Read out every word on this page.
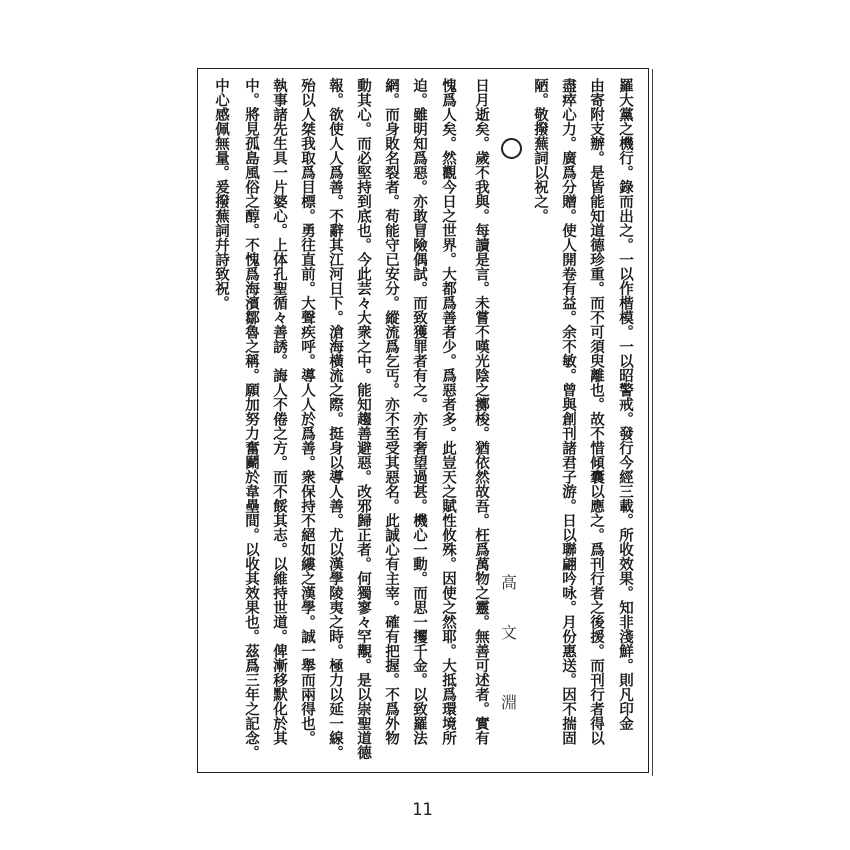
羅大黨之機行。錄而出之。一以作楷模。一以昭警戒。發行今經三載。所收效果。知非淺鮮。則凡印金
由寄附支辦。是皆能知道德珍重。而不可須臾離也。故不惜傾囊以應之。爲刊行者之後援。而刊行者得以
盡瘁心力。廣爲分贈。使人開卷有益。余不敏。曾與創刊諸君子游。日以聯翩吟咏。月份惠送。因不揣固
陋。敬撥蕪詞以祝之。
高
文
淵
日月逝矣。歲不我與。每讀是言。未嘗不嘆光陰之擲梭。猶依然故吾。枉爲萬物之靈。無善可述者。實有
愧爲人矣。然觀今日之世界。大都爲善者少。爲惡者多。此豈天之賦性攸殊。因使之然耶。大抵爲環境所
迫。雖明知爲惡。亦敢冒險偶試。而致獲罪者有之。亦有奢望過甚。機心一動。而思一攫千金。以致羅法
網。而身敗名裂者。苟能守已安分。縱流爲乞丐。亦不至受其惡名。此誠心有主宰。確有把握。不爲外物
動其心。而必堅持到底也。今此芸々大衆之中。能知趨善避惡。改邪歸正者。何獨寥々罕覯。是以崇聖道德
報。欲使人人爲善。不辭其江河日下。滄海橫流之際。挺身以導人善。尤以漢學陵夷之時。極力以延一線。
殆以人桀我取爲目標。勇往直前。大聲疾呼。導人人於爲善。衆保持不絕如縷之漢學。誠一舉而兩得也。
執事諸先生具一片婆心。上体孔聖循々善誘。誨人不倦之方。而不餒其志。以維持世道。俾漸移默化於其
中。將見孤島風俗之醇。不愧爲海濱鄒魯之稱。願加努力奮鬬於韋壘間。以收其效果也。茲爲三年之記念。
中心感佩無量。爰撥蕪詞幷詩致祝。
11
